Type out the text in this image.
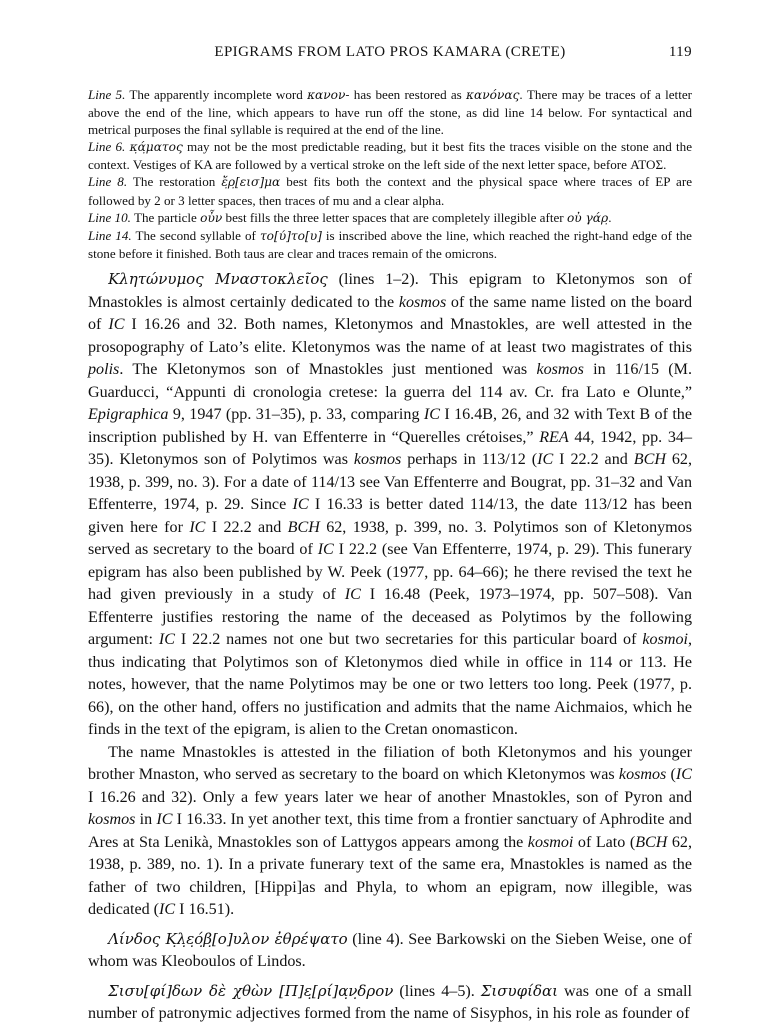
EPIGRAMS FROM LATO PROS KAMARA (CRETE)	119

Line 5. The apparently incomplete word κανον- has been restored as κανόνας. There may be traces of a letter above the end of the line, which appears to have run off the stone, as did line 14 below. For syntactical and metrical purposes the final syllable is required at the end of the line.

Line 6. κ̣ά̣ματος may not be the most predictable reading, but it best fits the traces visible on the stone and the context. Vestiges of KA are followed by a vertical stroke on the left side of the next letter space, before ΑΤΟΣ.

Line 8. The restoration ἔ̣ρ̣[εισ]μα best fits both the context and the physical space where traces of EP are followed by 2 or 3 letter spaces, then traces of mu and a clear alpha.

Line 10. The particle οὖν best fills the three letter spaces that are completely illegible after οὐ γάρ̣.

Line 14. The second syllable of το[ύ]το[υ] is inscribed above the line, which reached the right-hand edge of the stone before it finished. Both taus are clear and traces remain of the omicrons.

Κλητώνυμος Μναστοκλεῖος (lines 1–2). This epigram to Kletonymos son of Mnastokles is almost certainly dedicated to the kosmos of the same name listed on the board of IC I 16.26 and 32. Both names, Kletonymos and Mnastokles, are well attested in the prosopography of Lato’s elite. Kletonymos was the name of at least two magistrates of this polis. The Kletonymos son of Mnastokles just mentioned was kosmos in 116/15 (M. Guarducci, “Appunti di cronologia cretese: la guerra del 114 av. Cr. fra Lato e Olunte,” Epigraphica 9, 1947 (pp. 31–35), p. 33, comparing IC I 16.4B, 26, and 32 with Text B of the inscription published by H. van Effenterre in “Querelles crétoises,” REA 44, 1942, pp. 34–35). Kletonymos son of Polytimos was kosmos perhaps in 113/12 (IC I 22.2 and BCH 62, 1938, p. 399, no. 3). For a date of 114/13 see Van Effenterre and Bougrat, pp. 31–32 and Van Effenterre, 1974, p. 29. Since IC I 16.33 is better dated 114/13, the date 113/12 has been given here for IC I 22.2 and BCH 62, 1938, p. 399, no. 3. Polytimos son of Kletonymos served as secretary to the board of IC I 22.2 (see Van Effenterre, 1974, p. 29). This funerary epigram has also been published by W. Peek (1977, pp. 64–66); he there revised the text he had given previously in a study of IC I 16.48 (Peek, 1973–1974, pp. 507–508). Van Effenterre justifies restoring the name of the deceased as Polytimos by the following argument: IC I 22.2 names not one but two secretaries for this particular board of kosmoi, thus indicating that Polytimos son of Kletonymos died while in office in 114 or 113. He notes, however, that the name Polytimos may be one or two letters too long. Peek (1977, p. 66), on the other hand, offers no justification and admits that the name Aichmaios, which he finds in the text of the epigram, is alien to the Cretan onomasticon.

The name Mnastokles is attested in the filiation of both Kletonymos and his younger brother Mnaston, who served as secretary to the board on which Kletonymos was kosmos (IC I 16.26 and 32). Only a few years later we hear of another Mnastokles, son of Pyron and kosmos in IC I 16.33. In yet another text, this time from a frontier sanctuary of Aphrodite and Ares at Sta Lenikà, Mnastokles son of Lattygos appears among the kosmoi of Lato (BCH 62, 1938, p. 389, no. 1). In a private funerary text of the same era, Mnastokles is named as the father of two children, [Hippi]as and Phyla, to whom an epigram, now illegible, was dedicated (IC I 16.51).

Λίνδος Κ̣λ̣ε̣ό̣β̣[ο]υλον ἐθρέψατο (line 4). See Barkowski on the Sieben Weise, one of whom was Kleoboulos of Lindos.

Σισυ[φί]δων δὲ χθὼν [Π]ε̣[ρί]α̣ν̣δρον (lines 4–5). Σισυφίδαι was one of a small number of patronymic adjectives formed from the name of Sisyphos, in his role as founder of
